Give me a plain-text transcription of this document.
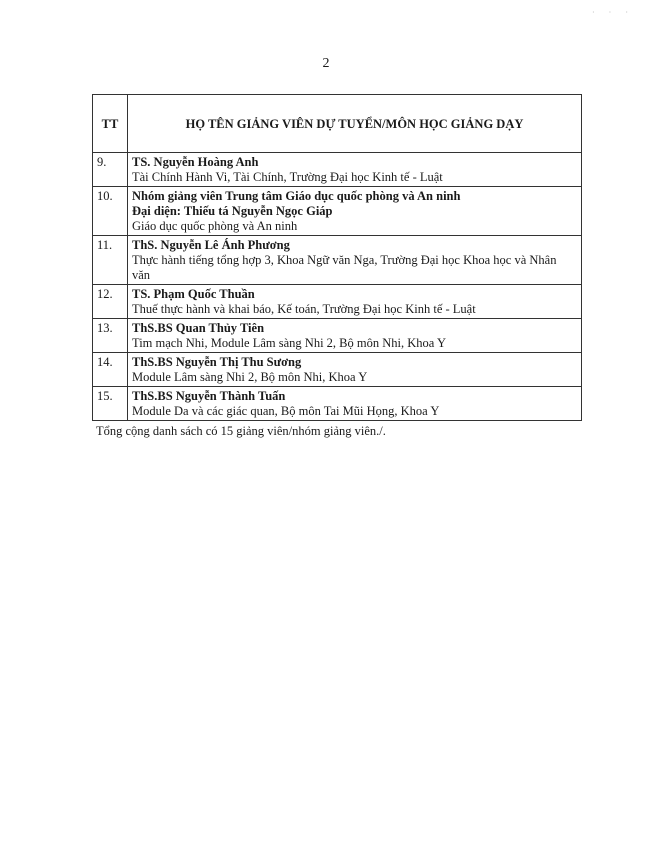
· · ·
2
TT	HỌ TÊN GIẢNG VIÊN DỰ TUYỂN/MÔN HỌC GIẢNG DẠY
9.	TS. Nguyễn Hoàng Anh
Tài Chính Hành Vi, Tài Chính, Trường Đại học Kinh tế - Luật

10.	Nhóm giảng viên Trung tâm Giáo dục quốc phòng và An ninh
Đại diện: Thiếu tá Nguyễn Ngọc Giáp
Giáo dục quốc phòng và An ninh

11.	ThS. Nguyễn Lê Ánh Phương
Thực hành tiếng tổng hợp 3, Khoa Ngữ văn Nga, Trường Đại học Khoa học và Nhân văn

12.	TS. Phạm Quốc Thuần
Thuế thực hành và khai báo, Kế toán, Trường Đại học Kinh tế - Luật

13.	ThS.BS Quan Thủy Tiên
Tim mạch Nhi, Module Lâm sàng Nhi 2, Bộ môn Nhi, Khoa Y

14.	ThS.BS Nguyễn Thị Thu Sương
Module Lâm sàng Nhi 2, Bộ môn Nhi, Khoa Y

15.	ThS.BS Nguyễn Thành Tuấn
Module Da và các giác quan, Bộ môn Tai Mũi Họng, Khoa Y
Tổng cộng danh sách có 15 giảng viên/nhóm giảng viên./.
